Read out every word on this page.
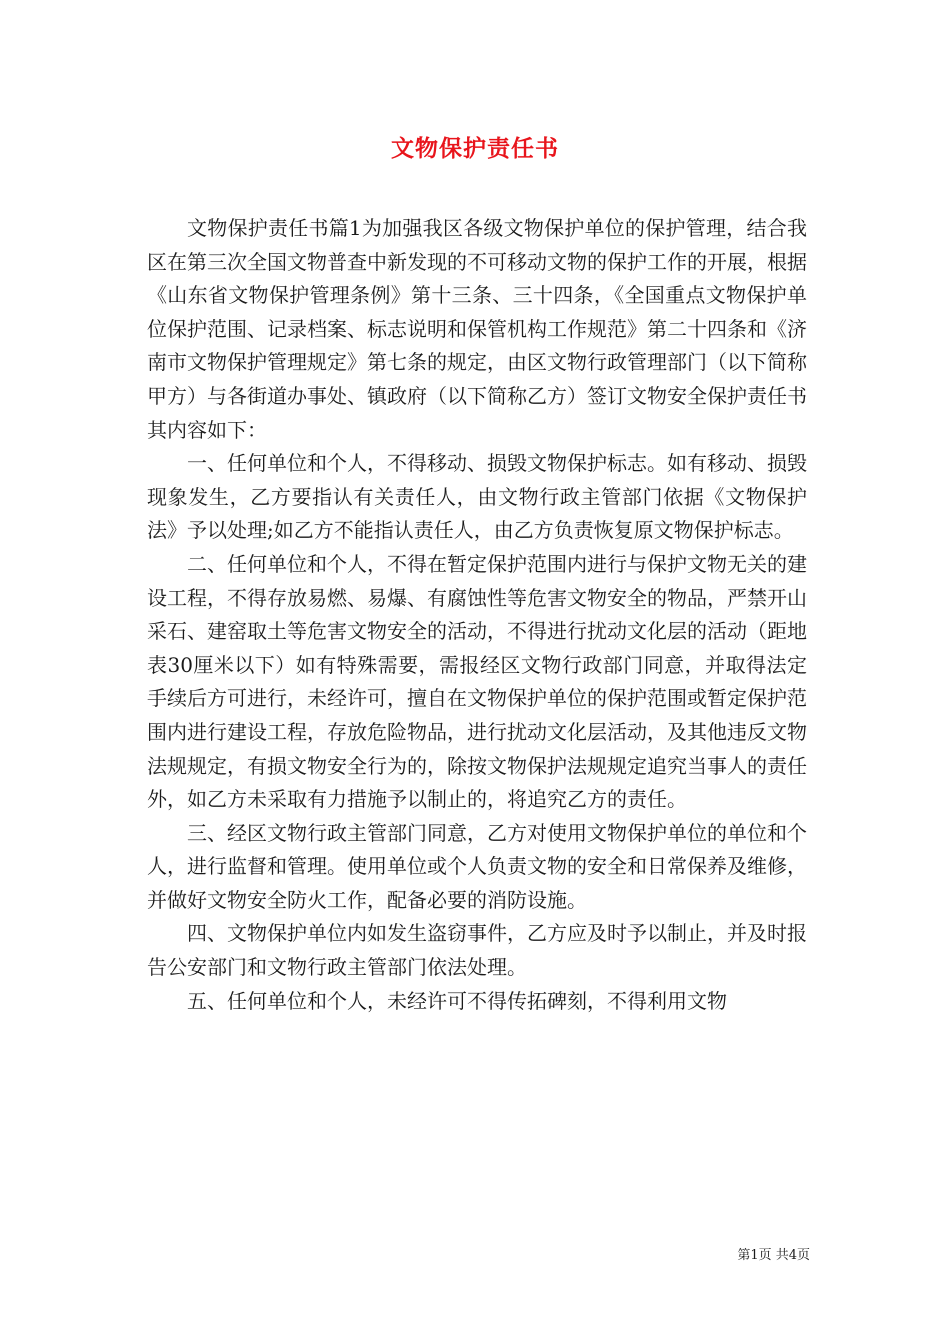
文物保护责任书

文物保护责任书篇1为加强我区各级文物保护单位的保护管理，结合我区在第三次全国文物普查中新发现的不可移动文物的保护工作的开展，根据《山东省文物保护管理条例》第十三条、三十四条，《全国重点文物保护单位保护范围、记录档案、标志说明和保管机构工作规范》第二十四条和《济南市文物保护管理规定》第七条的规定，由区文物行政管理部门（以下简称甲方）与各街道办事处、镇政府（以下简称乙方）签订文物安全保护责任书其内容如下：

一、任何单位和个人，不得移动、损毁文物保护标志。如有移动、损毁现象发生，乙方要指认有关责任人，由文物行政主管部门依据《文物保护法》予以处理;如乙方不能指认责任人，由乙方负责恢复原文物保护标志。

二、任何单位和个人，不得在暂定保护范围内进行与保护文物无关的建设工程，不得存放易燃、易爆、有腐蚀性等危害文物安全的物品，严禁开山采石、建窑取土等危害文物安全的活动，不得进行扰动文化层的活动（距地表30厘米以下）如有特殊需要，需报经区文物行政部门同意，并取得法定手续后方可进行，未经许可，擅自在文物保护单位的保护范围或暂定保护范围内进行建设工程，存放危险物品，进行扰动文化层活动，及其他违反文物法规规定，有损文物安全行为的，除按文物保护法规规定追究当事人的责任外，如乙方未采取有力措施予以制止的，将追究乙方的责任。

三、经区文物行政主管部门同意，乙方对使用文物保护单位的单位和个人，进行监督和管理。使用单位或个人负责文物的安全和日常保养及维修，并做好文物安全防火工作，配备必要的消防设施。

四、文物保护单位内如发生盗窃事件，乙方应及时予以制止，并及时报告公安部门和文物行政主管部门依法处理。

五、任何单位和个人，未经许可不得传拓碑刻，不得利用文物

第1页 共4页
